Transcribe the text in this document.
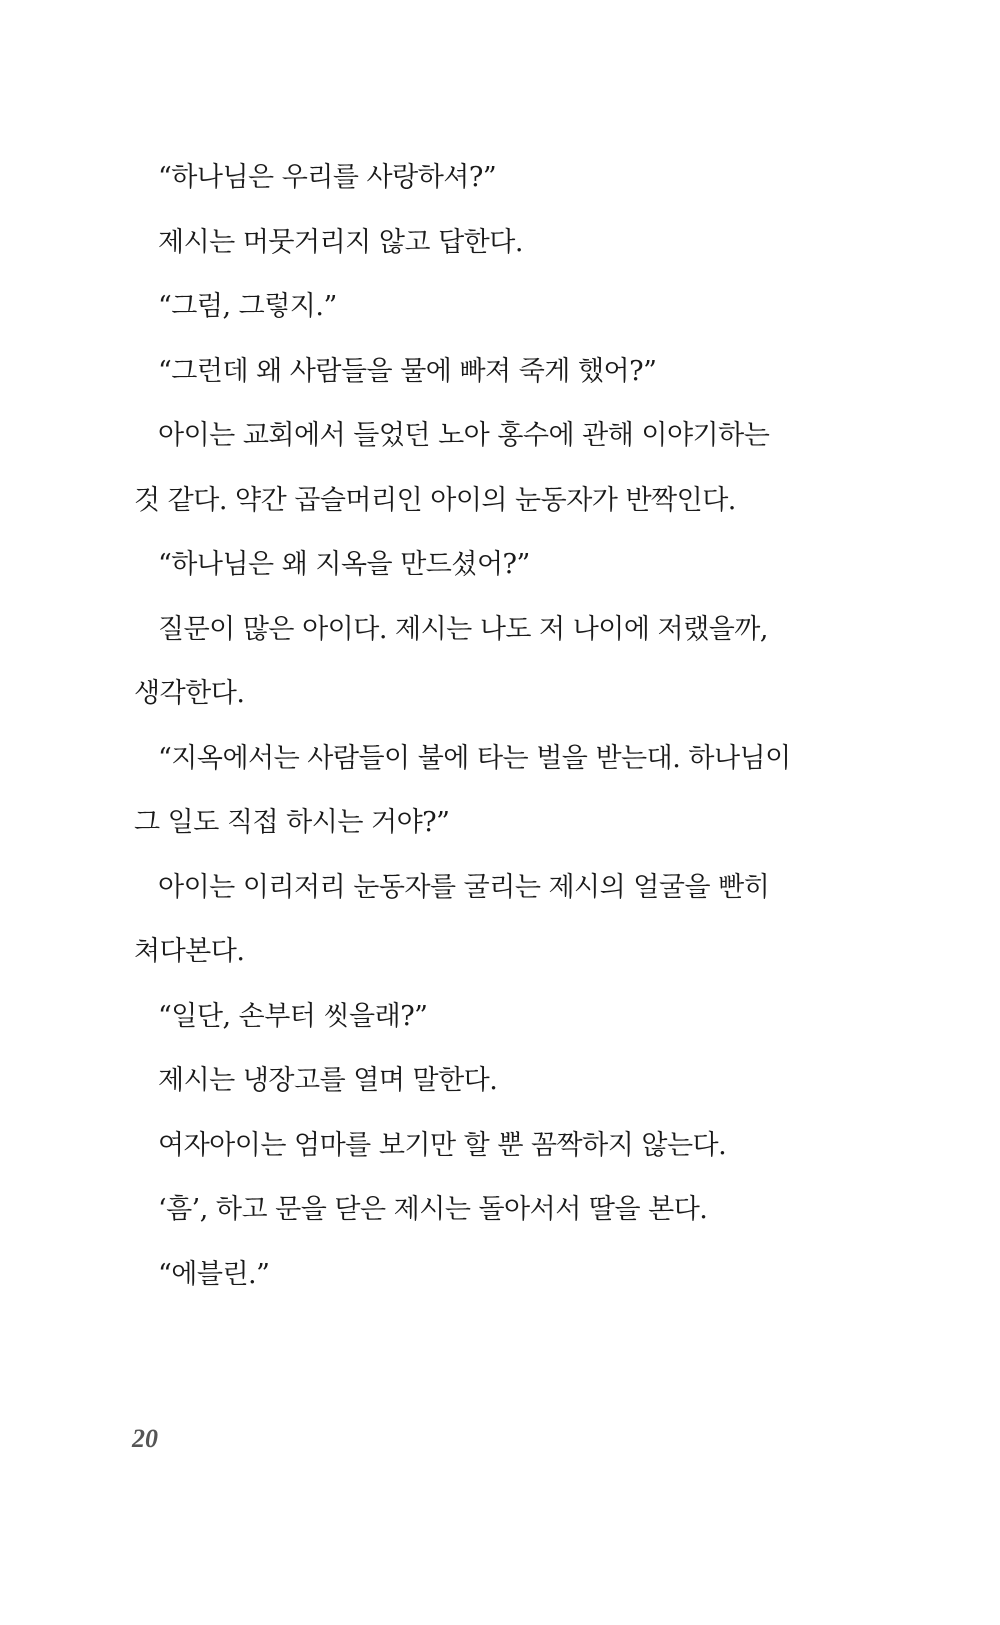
“하나님은 우리를 사랑하셔?”
제시는 머뭇거리지 않고 답한다.
“그럼, 그렇지.”
“그런데 왜 사람들을 물에 빠져 죽게 했어?”
아이는 교회에서 들었던 노아 홍수에 관해 이야기하는
것 같다. 약간 곱슬머리인 아이의 눈동자가 반짝인다.
“하나님은 왜 지옥을 만드셨어?”
질문이 많은 아이다. 제시는 나도 저 나이에 저랬을까,
생각한다.
“지옥에서는 사람들이 불에 타는 벌을 받는대. 하나님이
그 일도 직접 하시는 거야?”
아이는 이리저리 눈동자를 굴리는 제시의 얼굴을 빤히
쳐다본다.
“일단, 손부터 씻을래?”
제시는 냉장고를 열며 말한다.
여자아이는 엄마를 보기만 할 뿐 꼼짝하지 않는다.
‘흠’, 하고 문을 닫은 제시는 돌아서서 딸을 본다.
“에블린.”
20
